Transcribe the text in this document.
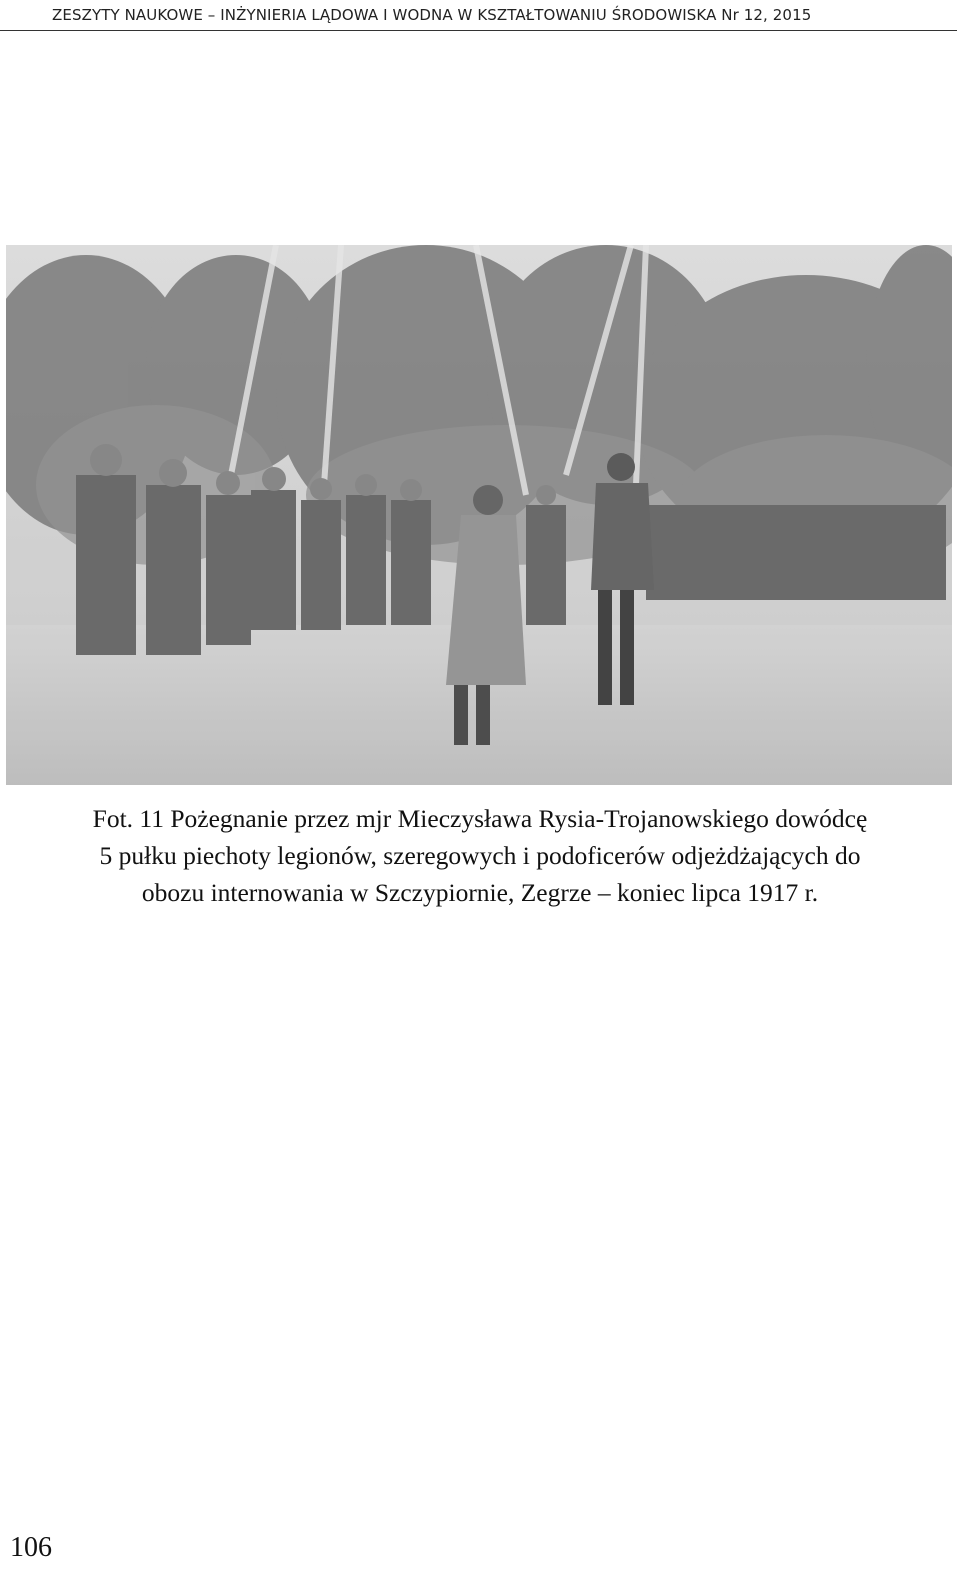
ZESZYTY NAUKOWE – INŻYNIERIA LĄDOWA I WODNA W KSZTAŁTOWANIU ŚRODOWISKA Nr 12, 2015
Fot. 11 Pożegnanie przez mjr Mieczysława Rysia-Trojanowskiego dowódcę
5 pułku piechoty legionów, szeregowych i podoficerów odjeżdżających do
obozu internowania w Szczypiornie, Zegrze – koniec lipca 1917 r.
106
